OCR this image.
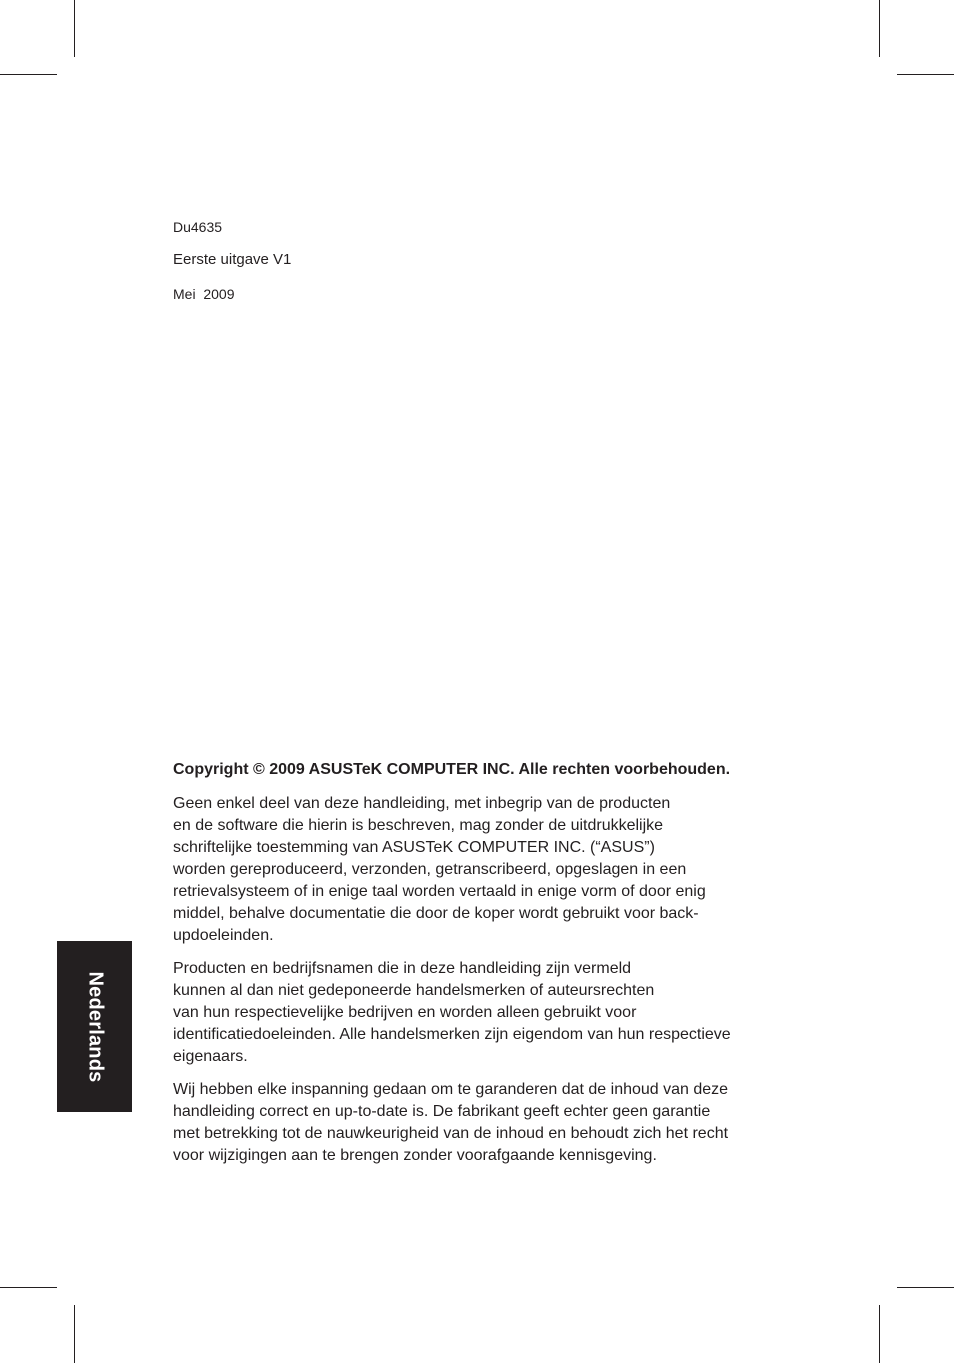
Du4635

Eerste uitgave V1

Mei  2009

Nederlands

Copyright © 2009 ASUSTeK COMPUTER INC. Alle rechten voorbehouden.

Geen enkel deel van deze handleiding, met inbegrip van de producten
en de software die hierin is beschreven, mag zonder de uitdrukkelijke
schriftelijke toestemming van ASUSTeK COMPUTER INC. (“ASUS”)
worden gereproduceerd, verzonden, getranscribeerd, opgeslagen in een
retrievalsysteem of in enige taal worden vertaald in enige vorm of door enig
middel, behalve documentatie die door de koper wordt gebruikt voor back-
updoeleinden.

Producten en bedrijfsnamen die in deze handleiding zijn vermeld
kunnen al dan niet gedeponeerde handelsmerken of auteursrechten
van hun respectievelijke bedrijven en worden alleen gebruikt voor
identificatiedoeleinden. Alle handelsmerken zijn eigendom van hun respectieve
eigenaars.

Wij hebben elke inspanning gedaan om te garanderen dat de inhoud van deze
handleiding correct en up-to-date is. De fabrikant geeft echter geen garantie
met betrekking tot de nauwkeurigheid van de inhoud en behoudt zich het recht
voor wijzigingen aan te brengen zonder voorafgaande kennisgeving.
